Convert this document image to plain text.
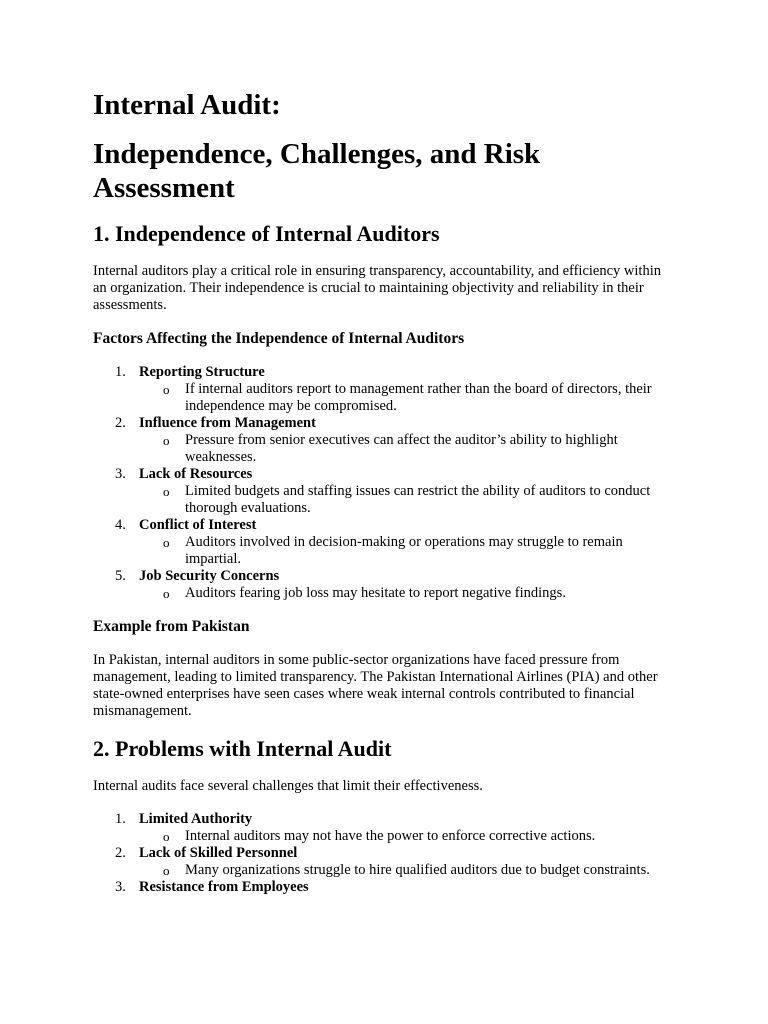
Internal Audit:
Independence, Challenges, and Risk Assessment
1. Independence of Internal Auditors

Internal auditors play a critical role in ensuring transparency, accountability, and efficiency within an organization. Their independence is crucial to maintaining objectivity and reliability in their assessments.

Factors Affecting the Independence of Internal Auditors
1. Reporting Structure
o If internal auditors report to management rather than the board of directors, their independence may be compromised.
2. Influence from Management
o Pressure from senior executives can affect the auditor’s ability to highlight weaknesses.
3. Lack of Resources
o Limited budgets and staffing issues can restrict the ability of auditors to conduct thorough evaluations.
4. Conflict of Interest
o Auditors involved in decision-making or operations may struggle to remain impartial.
5. Job Security Concerns
o Auditors fearing job loss may hesitate to report negative findings.
Example from Pakistan

In Pakistan, internal auditors in some public-sector organizations have faced pressure from management, leading to limited transparency. The Pakistan International Airlines (PIA) and other state-owned enterprises have seen cases where weak internal controls contributed to financial mismanagement.

2. Problems with Internal Audit

Internal audits face several challenges that limit their effectiveness.

1. Limited Authority
o Internal auditors may not have the power to enforce corrective actions.
2. Lack of Skilled Personnel
o Many organizations struggle to hire qualified auditors due to budget constraints.
3. Resistance from Employees
